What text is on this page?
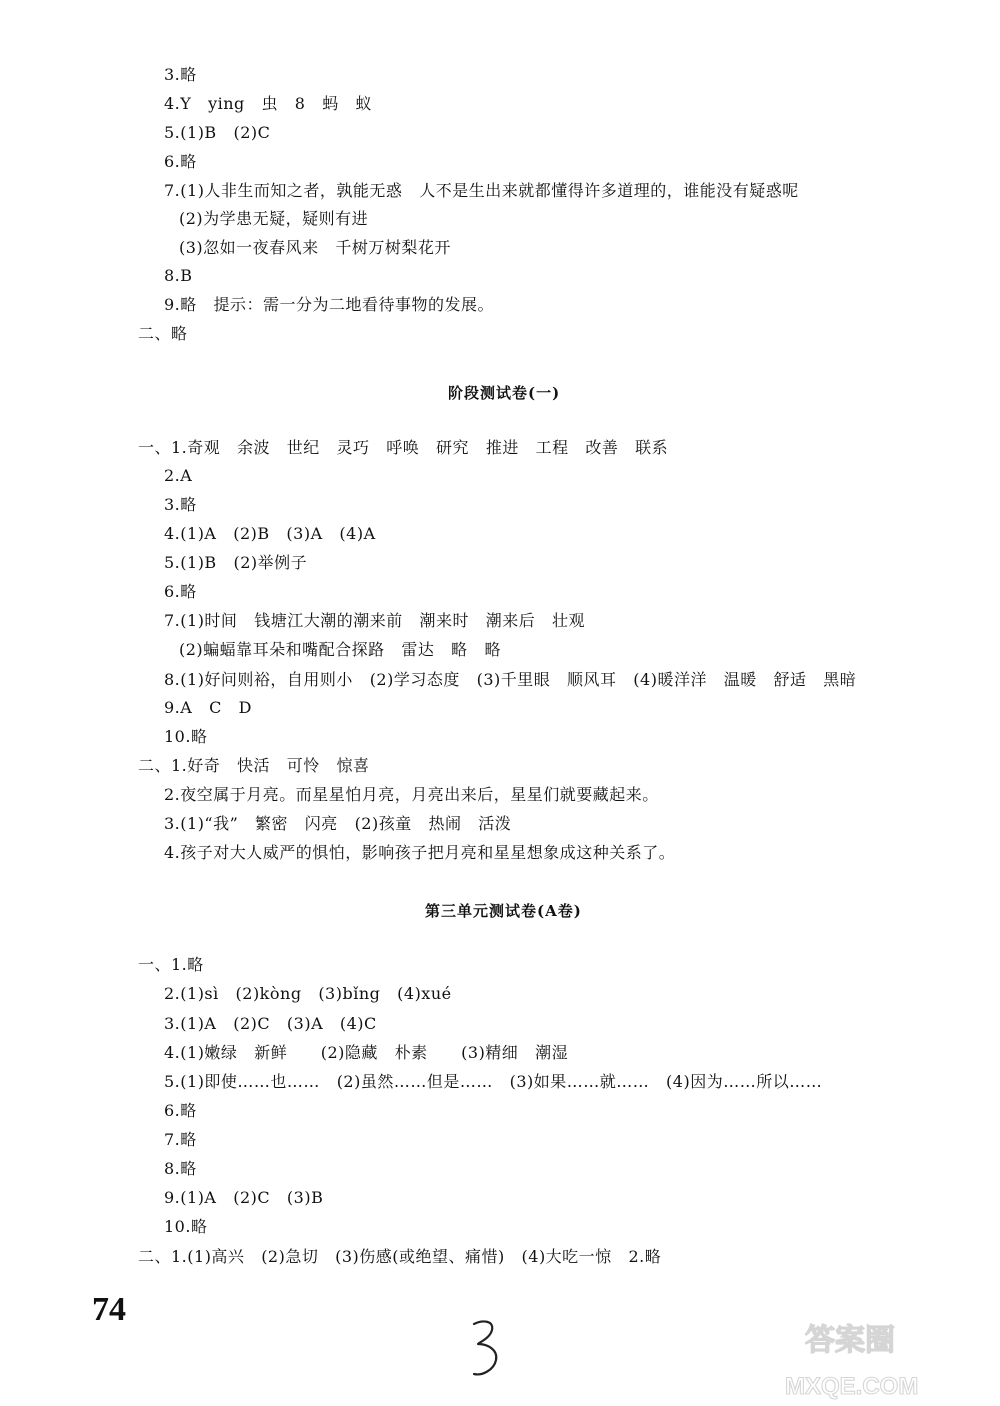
3.略
4.Y   ying   虫   8   蚂   蚁
5.(1)B   (2)C
6.略
7.(1)人非生而知之者，孰能无惑   人不是生出来就都懂得许多道理的，谁能没有疑惑呢
(2)为学患无疑，疑则有进
(3)忽如一夜春风来   千树万树梨花开
8.B
9.略   提示：需一分为二地看待事物的发展。
二、略
阶段测试卷(一)
一、1.奇观   余波   世纪   灵巧   呼唤   研究   推进   工程   改善   联系
2.A
3.略
4.(1)A   (2)B   (3)A   (4)A
5.(1)B   (2)举例子
6.略
7.(1)时间   钱塘江大潮的潮来前   潮来时   潮来后   壮观
(2)蝙蝠靠耳朵和嘴配合探路   雷达   略   略
8.(1)好问则裕，自用则小   (2)学习态度   (3)千里眼   顺风耳   (4)暖洋洋   温暖   舒适   黑暗
9.A   C   D
10.略
二、1.好奇   快活   可怜   惊喜
2.夜空属于月亮。而星星怕月亮，月亮出来后，星星们就要藏起来。
3.(1)“我”   繁密   闪亮   (2)孩童   热闹   活泼
4.孩子对大人威严的惧怕，影响孩子把月亮和星星想象成这种关系了。
第三单元测试卷(A卷)
一、1.略
2.(1)sì   (2)kòng   (3)bǐng   (4)xué
3.(1)A   (2)C   (3)A   (4)C
4.(1)嫩绿   新鲜      (2)隐藏   朴素      (3)精细   潮湿
5.(1)即使……也……   (2)虽然……但是……   (3)如果……就……   (4)因为……所以……
6.略
7.略
8.略
9.(1)A   (2)C   (3)B
10.略
二、1.(1)高兴   (2)急切   (3)伤感(或绝望、痛惜)   (4)大吃一惊   2.略
74
答案圈
MXQE.COM
